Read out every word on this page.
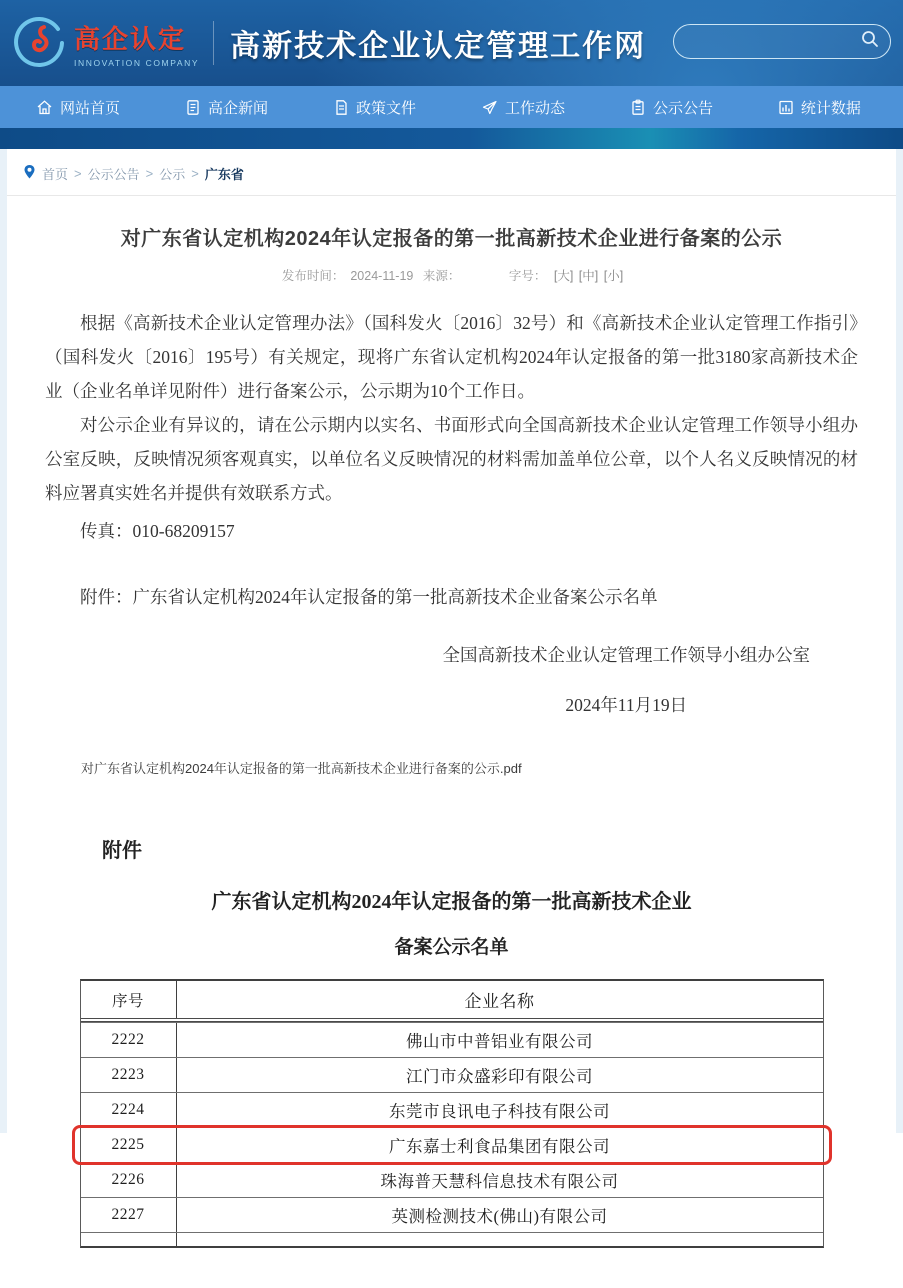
高企认定
INNOVATION COMPANY 高新技术企业认定管理工作网
网站首页	高企新闻	政策文件	工作动态	公示公告	统计数据
首页 > 公示公告 > 公示 > 广东省
对广东省认定机构2024年认定报备的第一批高新技术企业进行备案的公示
发布时间： 2024-11-19 来源：	字号： [大] [中] [小]

根据《高新技术企业认定管理办法》（国科发火〔2016〕32号）和《高新技术企业认定管理工作指引》（国科发火〔2016〕195号）有关规定，现将广东省认定机构2024年认定报备的第一批3180家高新技术企业（企业名单详见附件）进行备案公示，公示期为10个工作日。

对公示企业有异议的，请在公示期内以实名、书面形式向全国高新技术企业认定管理工作领导小组办公室反映，反映情况须客观真实，以单位名义反映情况的材料需加盖单位公章，以个人名义反映情况的材料应署真实姓名并提供有效联系方式。

传真：010-68209157

附件：广东省认定机构2024年认定报备的第一批高新技术企业备案公示名单

全国高新技术企业认定管理工作领导小组办公室
2024年11月19日
对广东省认定机构2024年认定报备的第一批高新技术企业进行备案的公示.pdf
附件
广东省认定机构2024年认定报备的第一批高新技术企业
备案公示名单
序号	企业名称
2222	佛山市中普铝业有限公司
2223	江门市众盛彩印有限公司
2224	东莞市良讯电子科技有限公司
2225	广东嘉士利食品集团有限公司
2226	珠海普天慧科信息技术有限公司
2227	英测检测技术(佛山)有限公司
